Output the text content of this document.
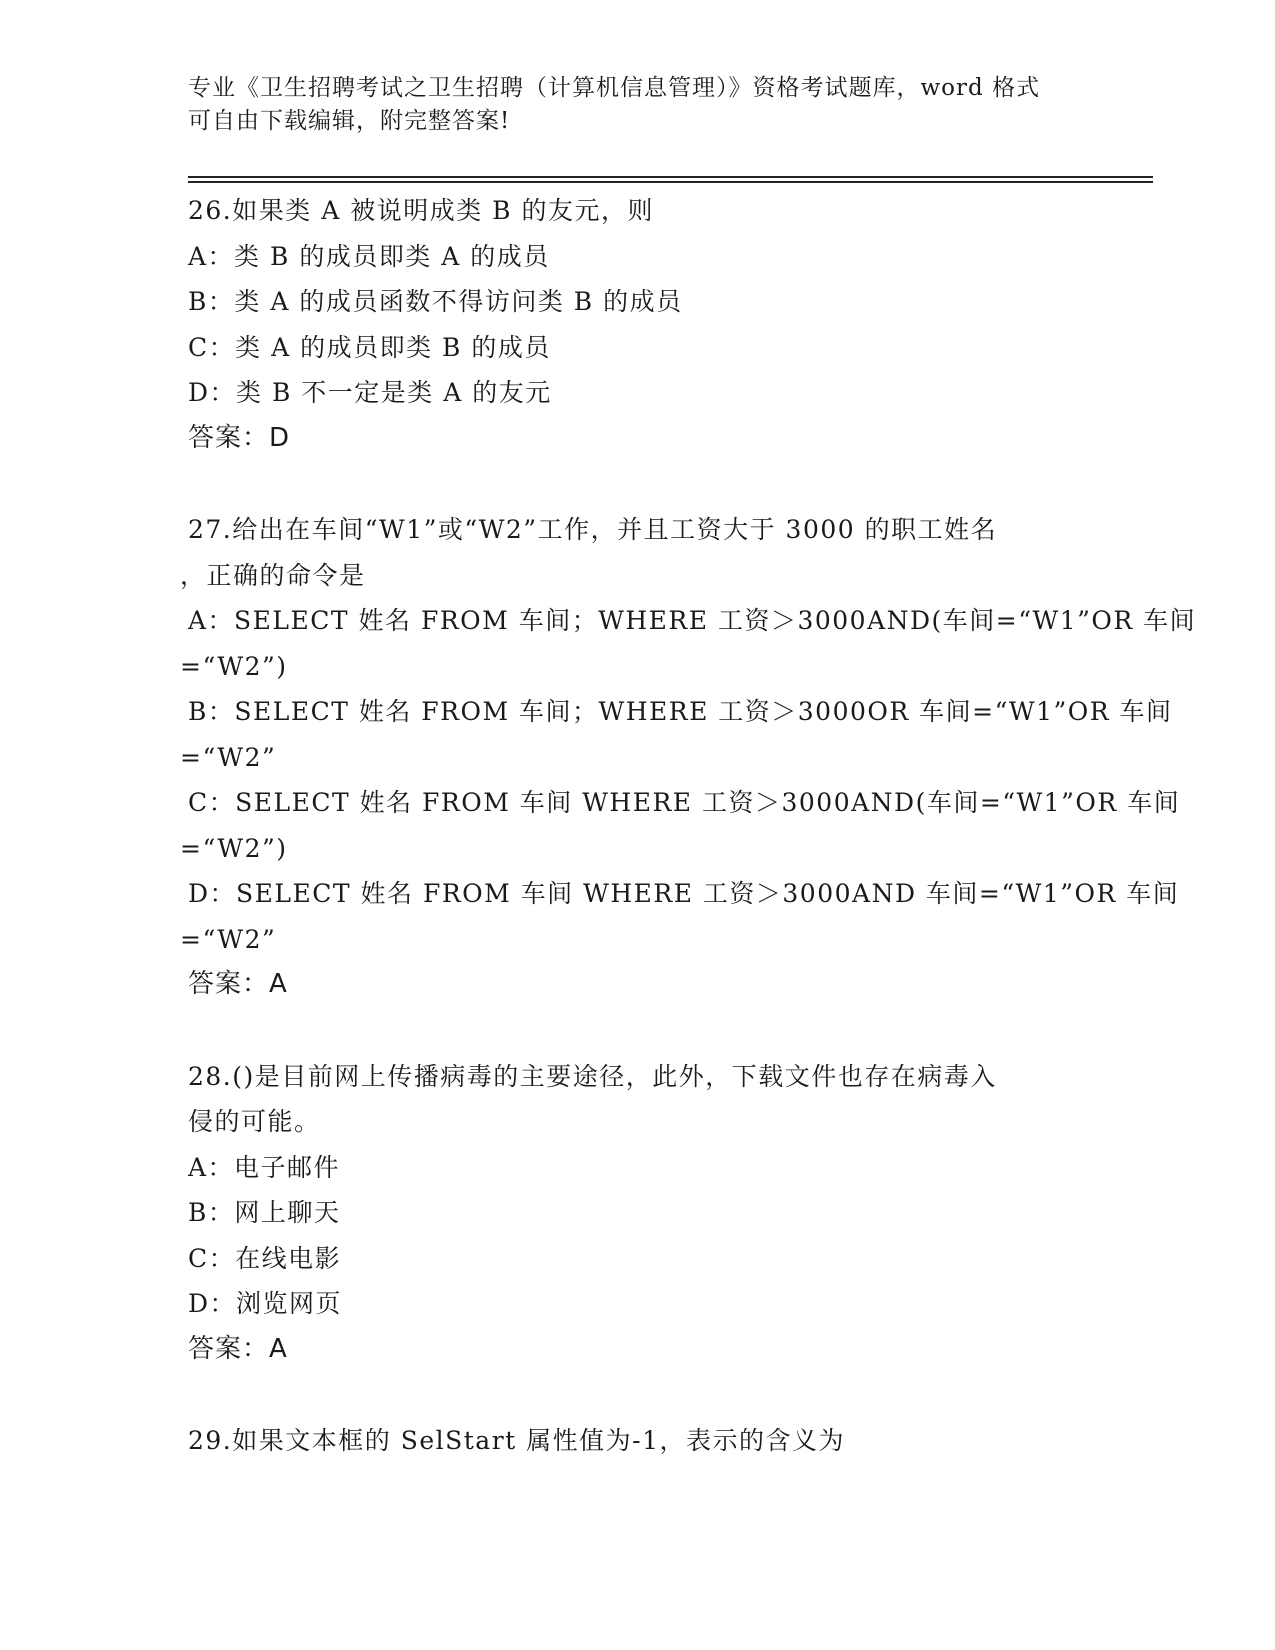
专业《卫生招聘考试之卫生招聘（计算机信息管理）》资格考试题库，word 格式
可自由下载编辑，附完整答案!
26.如果类 A 被说明成类 B 的友元，则
A：类 B 的成员即类 A 的成员
B：类 A 的成员函数不得访问类 B 的成员
C：类 A 的成员即类 B 的成员
D：类 B 不一定是类 A 的友元
答案：D
27.给出在车间“W1”或“W2”工作，并且工资大于 3000 的职工姓名
，正确的命令是
A：SELECT 姓名 FROM 车间；WHERE 工资＞3000AND(车间=“W1”OR 车间
=“W2”)
B：SELECT 姓名 FROM 车间；WHERE 工资＞3000OR 车间=“W1”OR 车间
=“W2”
C：SELECT 姓名 FROM 车间 WHERE 工资＞3000AND(车间=“W1”OR 车间
=“W2”)
D：SELECT 姓名 FROM 车间 WHERE 工资＞3000AND 车间=“W1”OR 车间
=“W2”
答案：A
28.()是目前网上传播病毒的主要途径，此外，下载文件也存在病毒入
侵的可能。
A：电子邮件
B：网上聊天
C：在线电影
D：浏览网页
答案：A
29.如果文本框的 SelStart 属性值为-1，表示的含义为
